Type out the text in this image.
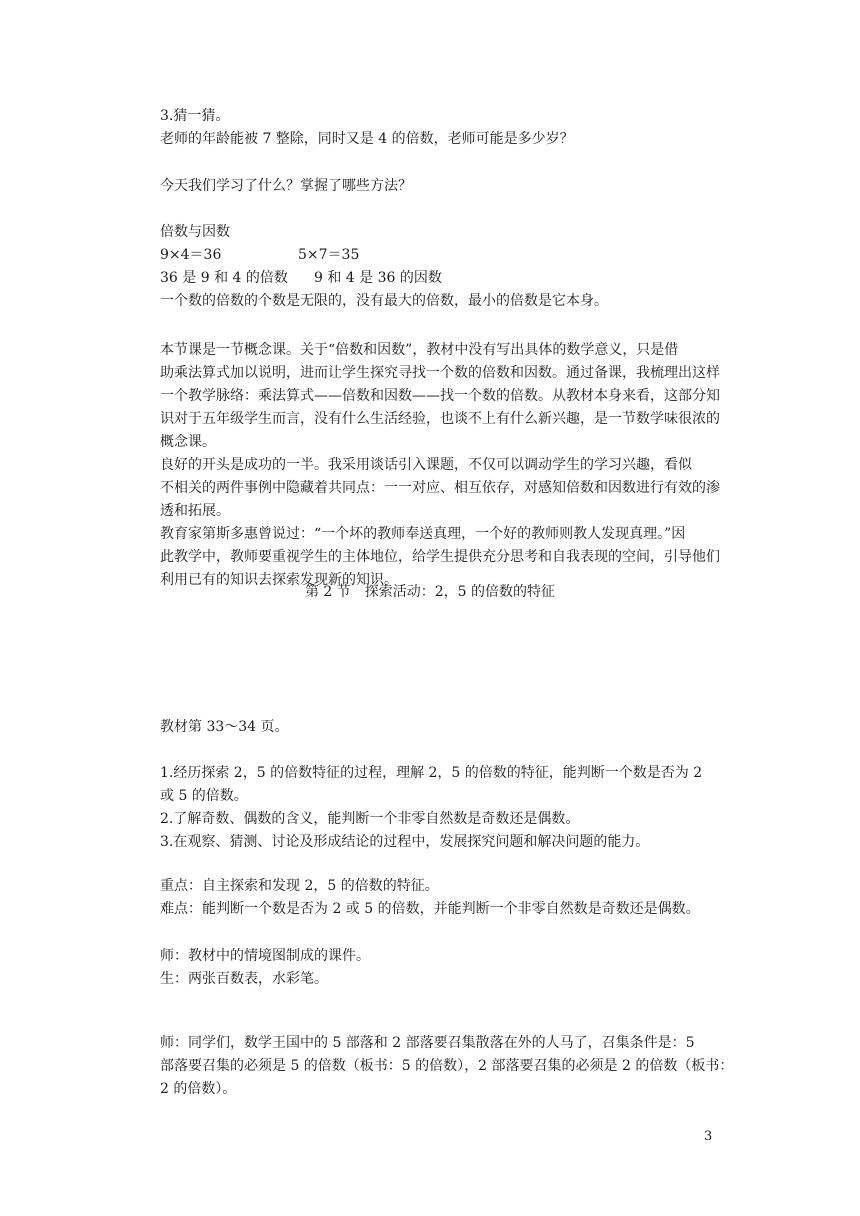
3.猜一猜。
老师的年龄能被 7 整除，同时又是 4 的倍数，老师可能是多少岁？
今天我们学习了什么？掌握了哪些方法？
倍数与因数
9×4＝36	5×7＝35
36 是 9 和 4 的倍数 9 和 4 是 36 的因数
一个数的倍数的个数是无限的，没有最大的倍数，最小的倍数是它本身。
本节课是一节概念课。关于“倍数和因数”，教材中没有写出具体的数学意义，只是借
助乘法算式加以说明，进而让学生探究寻找一个数的倍数和因数。通过备课，我梳理出这样
一个教学脉络：乘法算式——倍数和因数——找一个数的倍数。从教材本身来看，这部分知
识对于五年级学生而言，没有什么生活经验，也谈不上有什么新兴趣，是一节数学味很浓的
概念课。
良好的开头是成功的一半。我采用谈话引入课题，不仅可以调动学生的学习兴趣，看似
不相关的两件事例中隐藏着共同点：一一对应、相互依存，对感知倍数和因数进行有效的渗
透和拓展。
教育家第斯多惠曾说过：“一个坏的教师奉送真理，一个好的教师则教人发现真理。”因
此教学中，教师要重视学生的主体地位，给学生提供充分思考和自我表现的空间，引导他们
利用已有的知识去探索发现新的知识。
第 2 节　探索活动：2，5 的倍数的特征
教材第 33～34 页。
1.经历探索 2，5 的倍数特征的过程，理解 2，5 的倍数的特征，能判断一个数是否为 2
或 5 的倍数。
2.了解奇数、偶数的含义，能判断一个非零自然数是奇数还是偶数。
3.在观察、猜测、讨论及形成结论的过程中，发展探究问题和解决问题的能力。
重点：自主探索和发现 2，5 的倍数的特征。
难点：能判断一个数是否为 2 或 5 的倍数，并能判断一个非零自然数是奇数还是偶数。
师：教材中的情境图制成的课件。
生：两张百数表，水彩笔。
师：同学们，数学王国中的 5 部落和 2 部落要召集散落在外的人马了，召集条件是：5
部落要召集的必须是 5 的倍数（板书：5 的倍数），2 部落要召集的必须是 2 的倍数（板书：
2 的倍数）。
3
